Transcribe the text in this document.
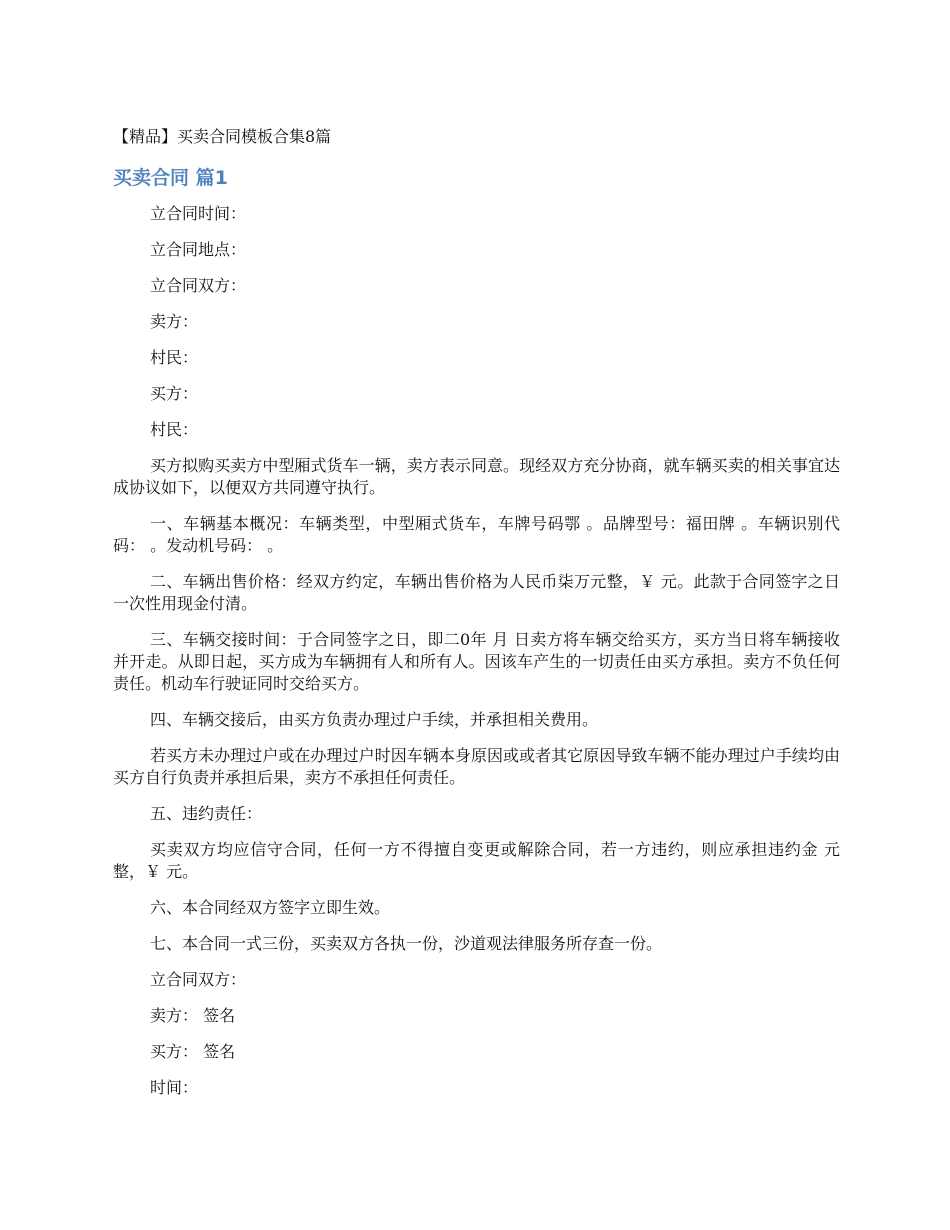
【精品】买卖合同模板合集8篇
买卖合同 篇1

立合同时间：

立合同地点：

立合同双方：

卖方：

村民：

买方：

村民：

买方拟购买卖方中型厢式货车一辆，卖方表示同意。现经双方充分协商，就车辆买卖的相关事宜达成协议如下，以便双方共同遵守执行。

一、车辆基本概况：车辆类型，中型厢式货车，车牌号码鄂 。品牌型号：福田牌 。车辆识别代码： 。发动机号码： 。

二、车辆出售价格：经双方约定，车辆出售价格为人民币柒万元整，￥ 元。此款于合同签字之日一次性用现金付清。

三、车辆交接时间：于合同签字之日，即二0年 月 日卖方将车辆交给买方，买方当日将车辆接收并开走。从即日起，买方成为车辆拥有人和所有人。因该车产生的一切责任由买方承担。卖方不负任何责任。机动车行驶证同时交给买方。

四、车辆交接后，由买方负责办理过户手续，并承担相关费用。

若买方未办理过户或在办理过户时因车辆本身原因或或者其它原因导致车辆不能办理过户手续均由买方自行负责并承担后果，卖方不承担任何责任。

五、违约责任：

买卖双方均应信守合同，任何一方不得擅自变更或解除合同，若一方违约，则应承担违约金 元整，￥ 元。

六、本合同经双方签字立即生效。

七、本合同一式三份，买卖双方各执一份，沙道观法律服务所存查一份。

立合同双方：

卖方： 签名

买方： 签名

时间：
